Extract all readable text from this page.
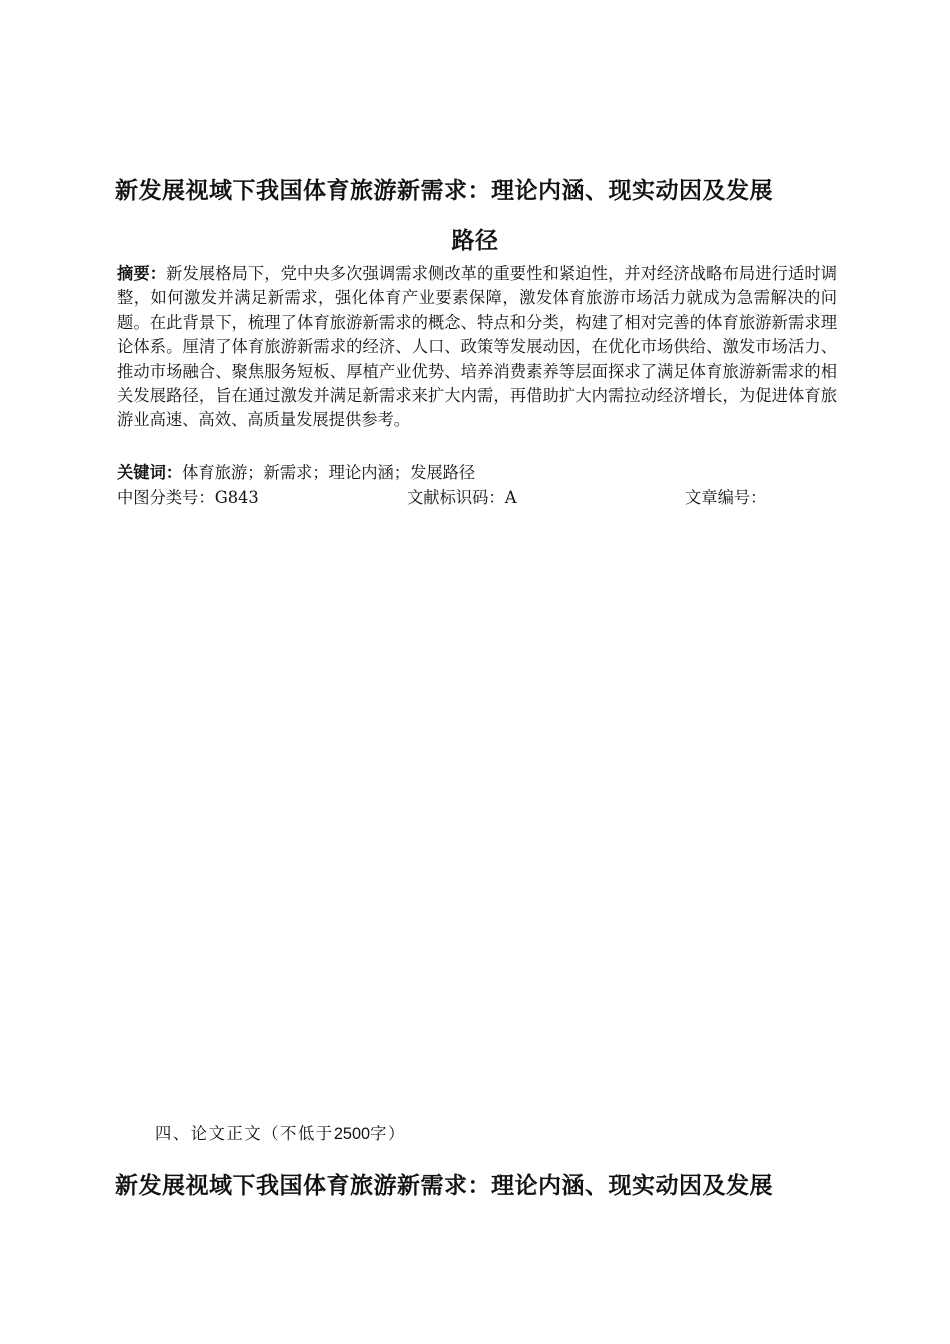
新发展视域下我国体育旅游新需求：理论内涵、现实动因及发展
路径
摘要：新发展格局下，党中央多次强调需求侧改革的重要性和紧迫性，并对经济战略布局进行适时调整，如何激发并满足新需求，强化体育产业要素保障，激发体育旅游市场活力就成为急需解决的问题。在此背景下，梳理了体育旅游新需求的概念、特点和分类，构建了相对完善的体育旅游新需求理论体系。厘清了体育旅游新需求的经济、人口、政策等发展动因，在优化市场供给、激发市场活力、推动市场融合、聚焦服务短板、厚植产业优势、培养消费素养等层面探求了满足体育旅游新需求的相关发展路径，旨在通过激发并满足新需求来扩大内需，再借助扩大内需拉动经济增长，为促进体育旅游业高速、高效、高质量发展提供参考。
关键词：体育旅游；新需求；理论内涵；发展路径
中图分类号：G843	文献标识码：A	文章编号：
四、论文正文（不低于2500字）
新发展视域下我国体育旅游新需求：理论内涵、现实动因及发展
